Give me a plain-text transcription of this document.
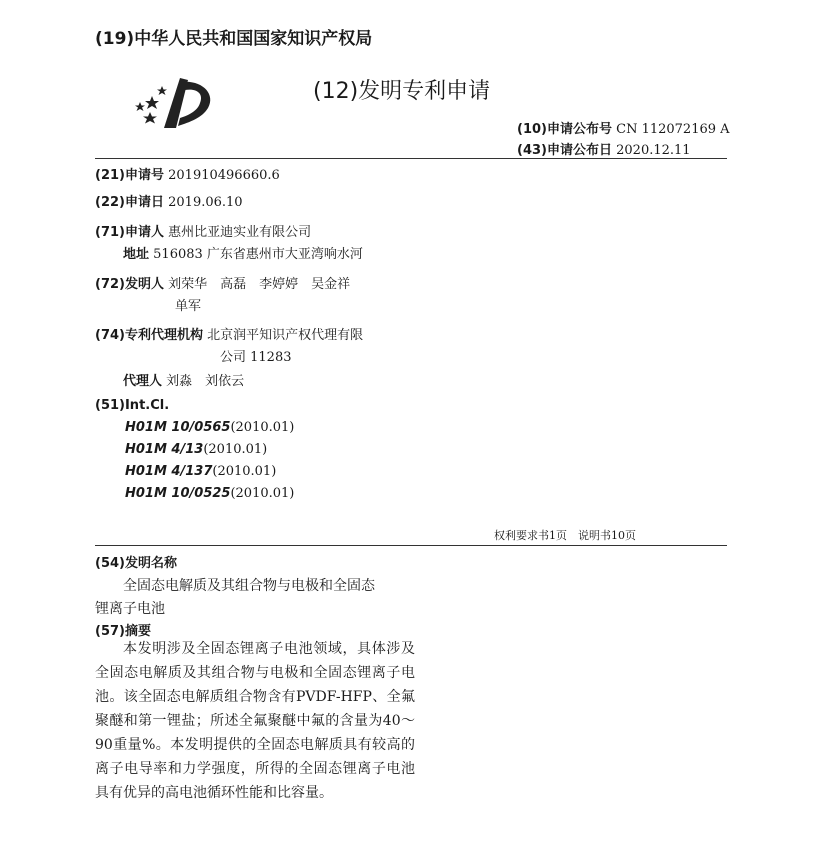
(19)中华人民共和国国家知识产权局
(12)发明专利申请
(10)申请公布号 CN 112072169 A
(43)申请公布日 2020.12.11
(21)申请号 201910496660.6
(22)申请日 2019.06.10
(71)申请人 惠州比亚迪实业有限公司
地址 516083 广东省惠州市大亚湾响水河
(72)发明人 刘荣华　高磊　李婷婷　吴金祥
单军
(74)专利代理机构 北京润平知识产权代理有限
公司 11283
代理人 刘淼　刘依云
(51)Int.Cl.
H01M 10/0565(2010.01)
H01M 4/13(2010.01)
H01M 4/137(2010.01)
H01M 10/0525(2010.01)
权利要求书1页　说明书10页
(54)发明名称
全固态电解质及其组合物与电极和全固态
锂离子电池
(57)摘要
本发明涉及全固态锂离子电池领域，具体涉及全固态电解质及其组合物与电极和全固态锂离子电池。该全固态电解质组合物含有PVDF-HFP、全氟聚醚和第一锂盐；所述全氟聚醚中氟的含量为40～90重量%。本发明提供的全固态电解质具有较高的离子电导率和力学强度，所得的全固态锂离子电池具有优异的高电池循环性能和比容量。
